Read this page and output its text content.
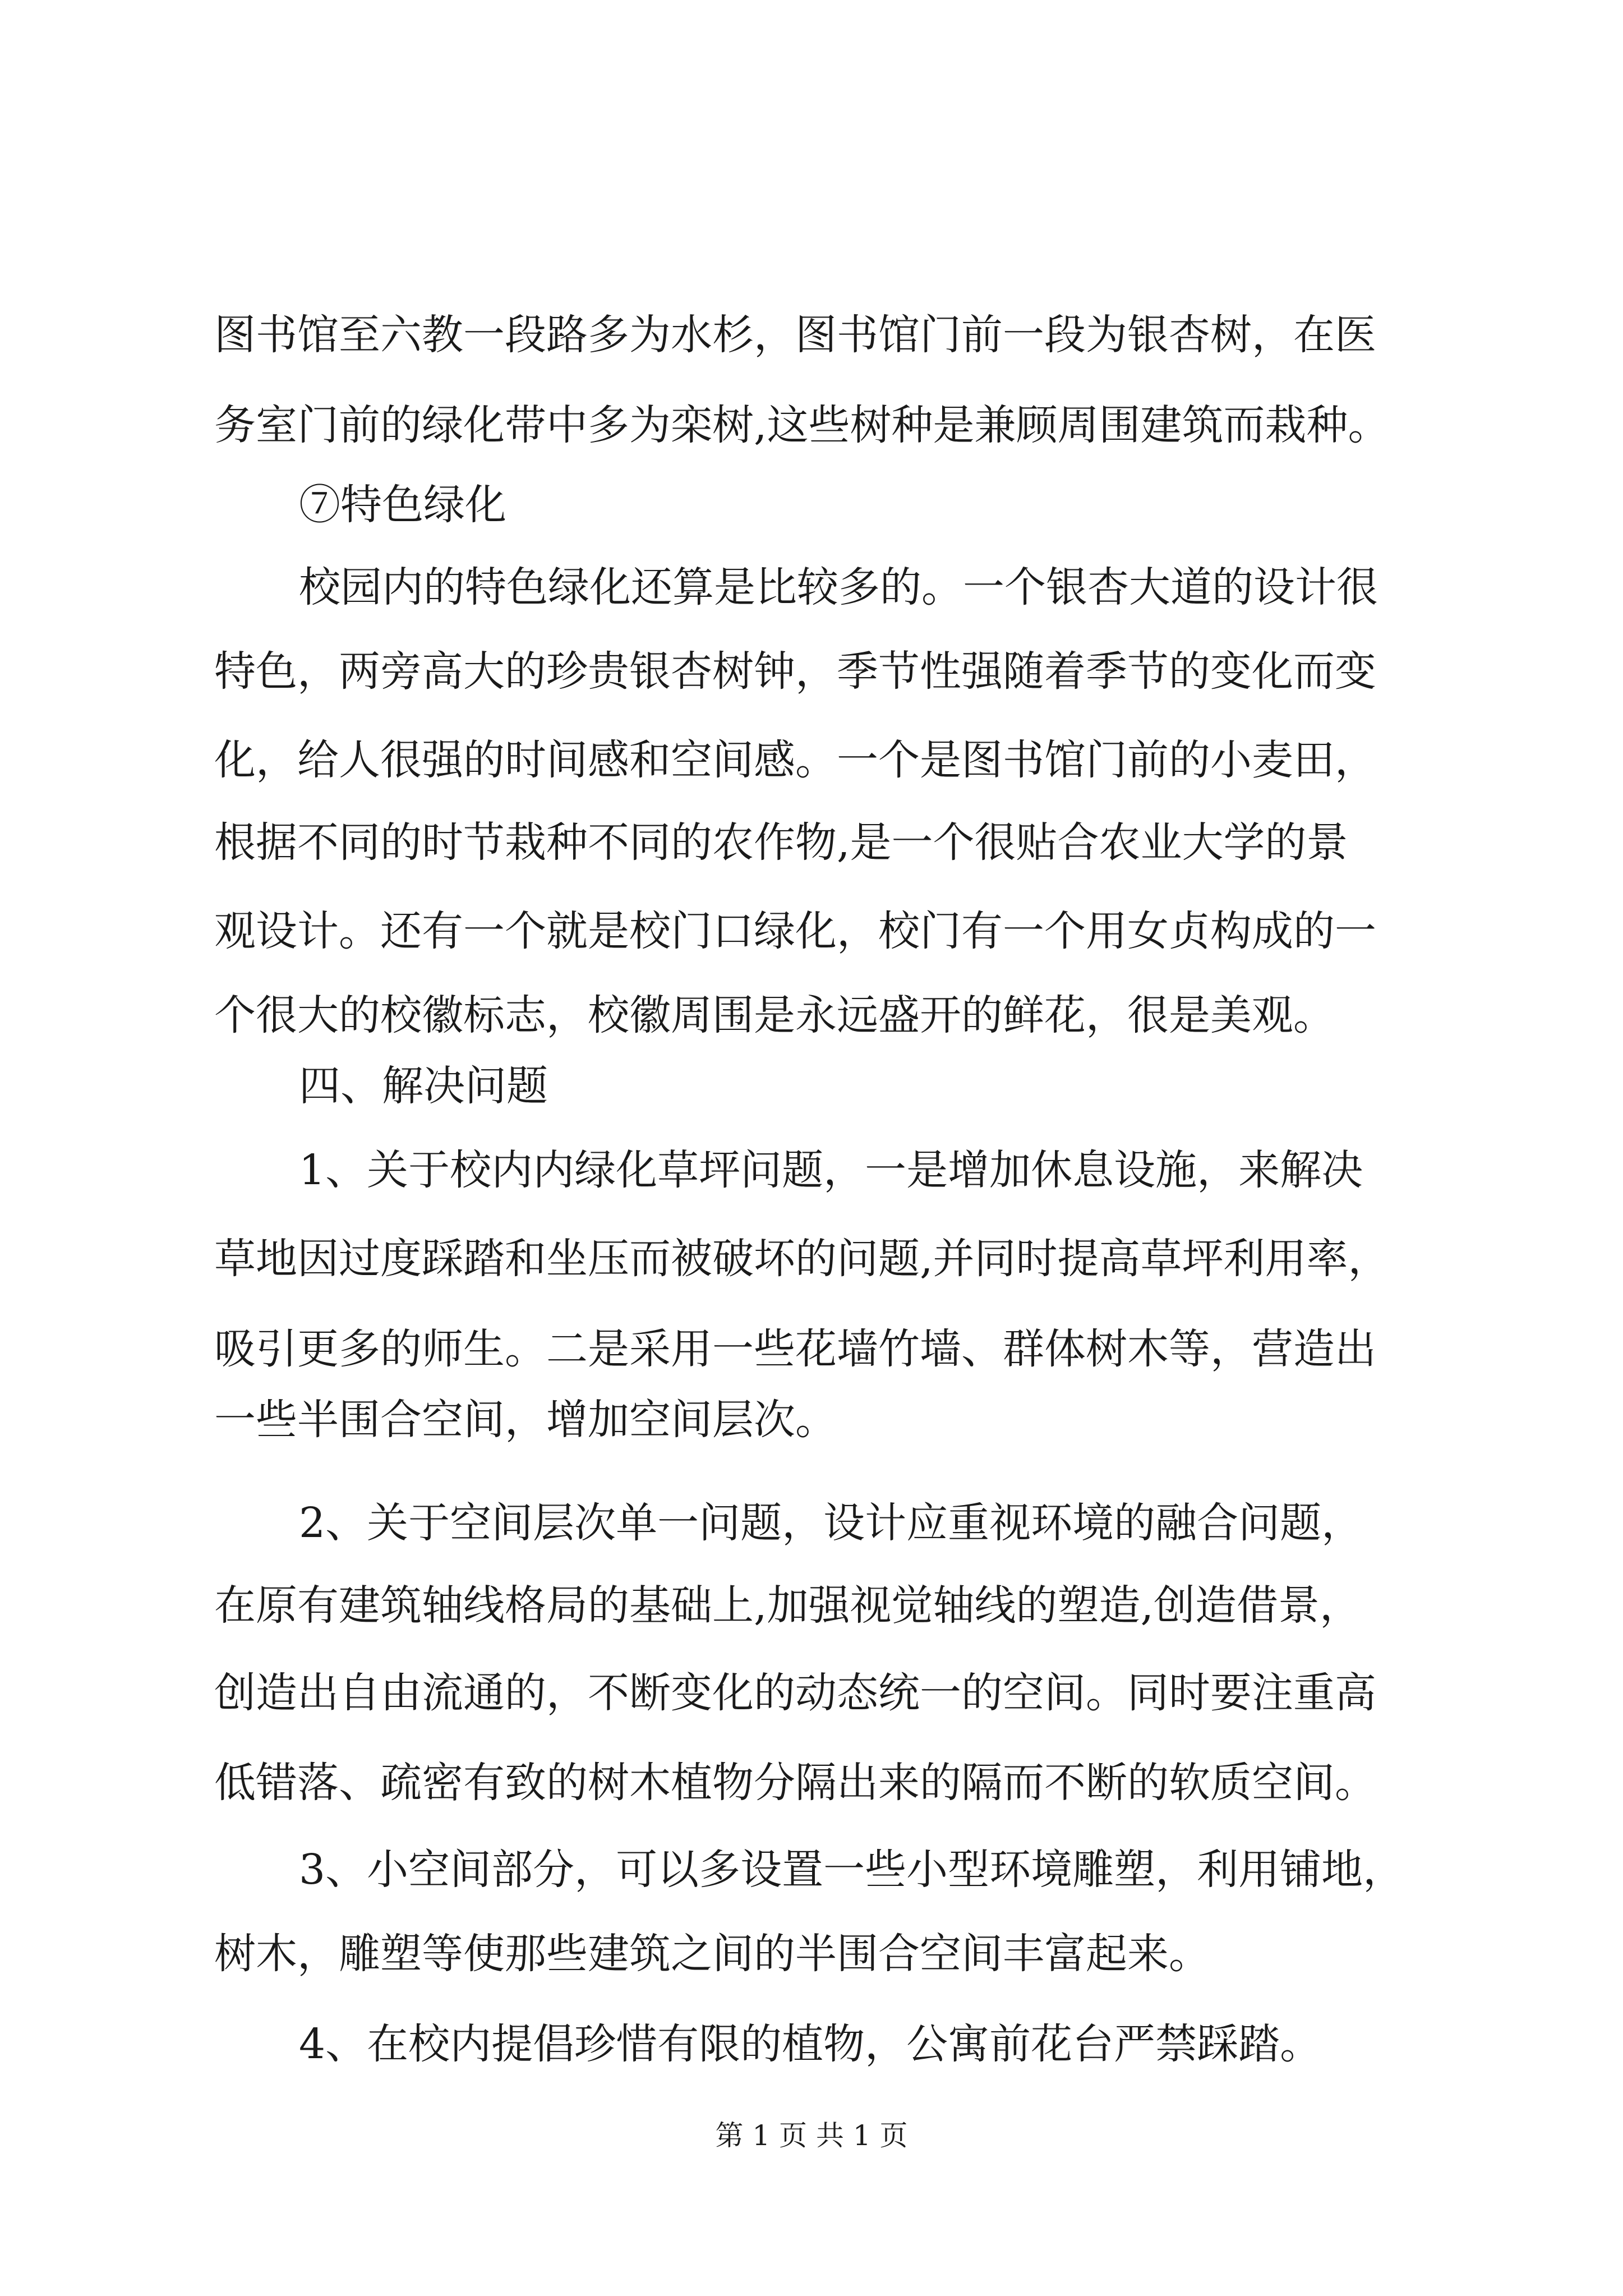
图书馆至六教一段路多为水杉，图书馆门前一段为银杏树，在医
务室门前的绿化带中多为栾树,这些树种是兼顾周围建筑而栽种。
⑦特色绿化
校园内的特色绿化还算是比较多的。一个银杏大道的设计很
特色，两旁高大的珍贵银杏树钟，季节性强随着季节的变化而变
化，给人很强的时间感和空间感。一个是图书馆门前的小麦田，
根据不同的时节栽种不同的农作物,是一个很贴合农业大学的景
观设计。还有一个就是校门口绿化，校门有一个用女贞构成的一
个很大的校徽标志，校徽周围是永远盛开的鲜花，很是美观。
四、解决问题
1、关于校内内绿化草坪问题，一是增加休息设施，来解决
草地因过度踩踏和坐压而被破坏的问题,并同时提高草坪利用率，
吸引更多的师生。二是采用一些花墙竹墙、群体树木等，营造出
一些半围合空间，增加空间层次。
2、关于空间层次单一问题，设计应重视环境的融合问题，
在原有建筑轴线格局的基础上,加强视觉轴线的塑造,创造借景，
创造出自由流通的，不断变化的动态统一的空间。同时要注重高
低错落、疏密有致的树木植物分隔出来的隔而不断的软质空间。
3、小空间部分，可以多设置一些小型环境雕塑，利用铺地，
树木，雕塑等使那些建筑之间的半围合空间丰富起来。
4、在校内提倡珍惜有限的植物，公寓前花台严禁踩踏。
第 1 页 共 1 页
